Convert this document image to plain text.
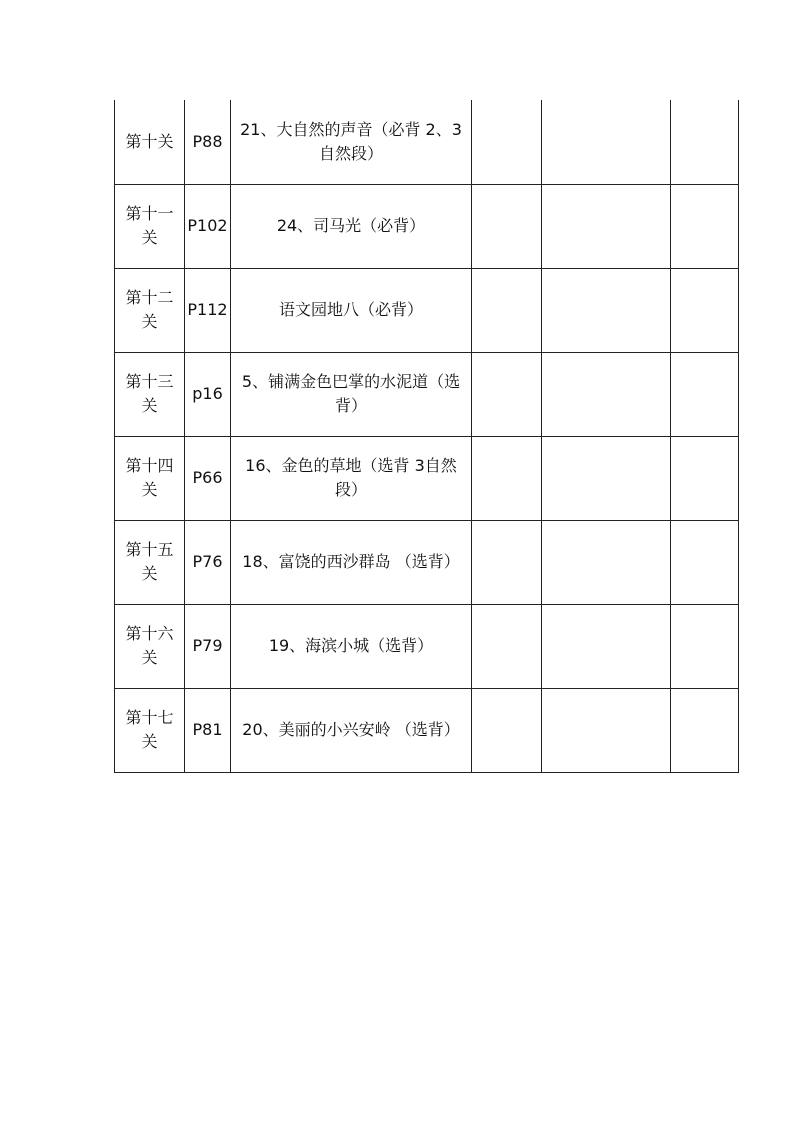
第十关	P88	21、大自然的声音（必背 2、3自然段）			
第十一关	P102	24、司马光（必背）			
第十二关	P112	语文园地八（必背）			
第十三关	p16	5、铺满金色巴掌的水泥道（选背）			
第十四关	P66	16、金色的草地（选背 3自然段）			
第十五关	P76	18、富饶的西沙群岛 （选背）			
第十六关	P79	19、海滨小城（选背）			
第十七关	P81	20、美丽的小兴安岭 （选背）			
